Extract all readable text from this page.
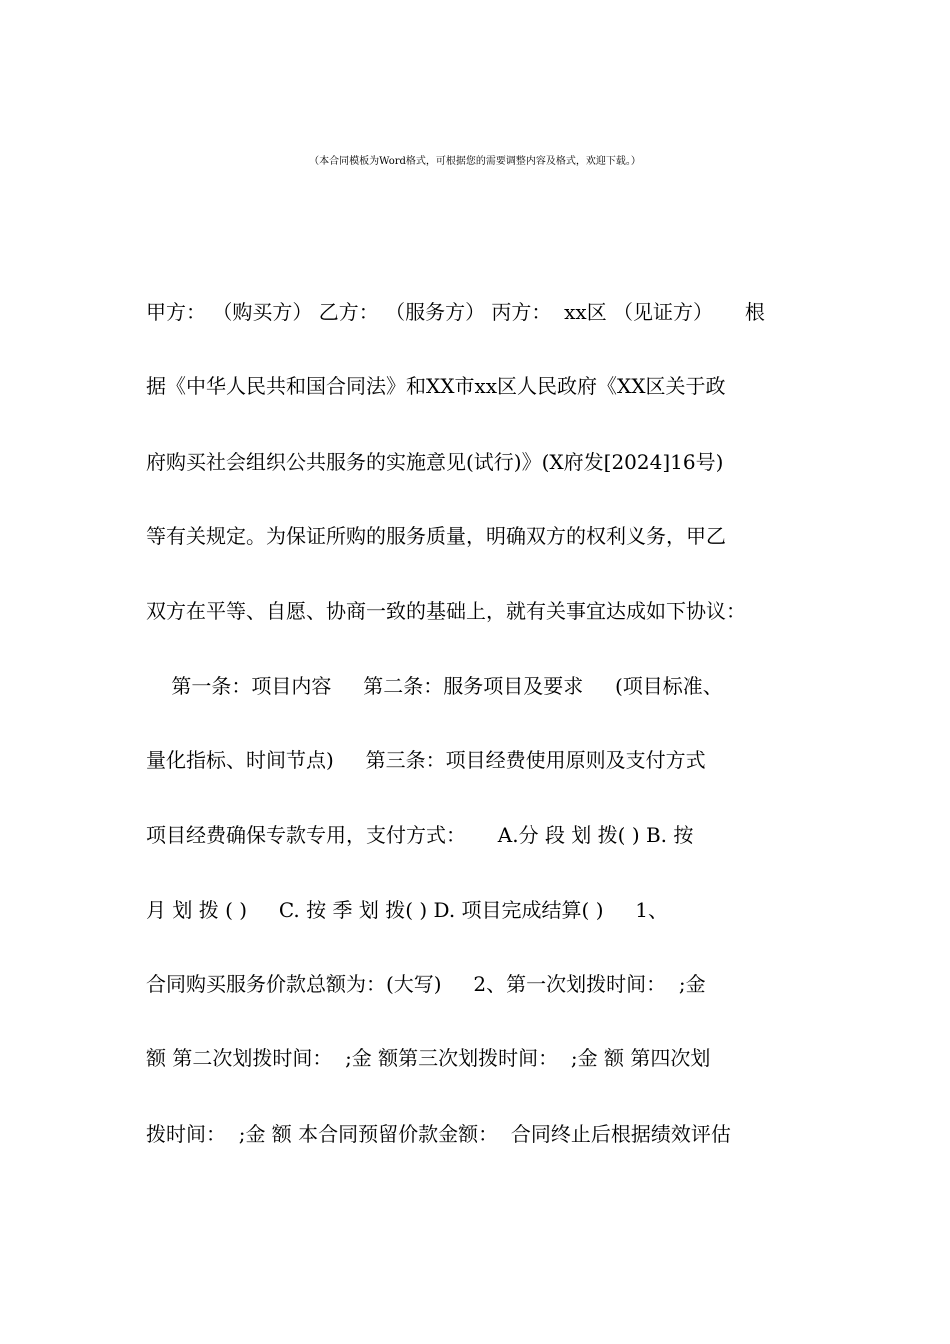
（本合同模板为Word格式，可根据您的需要调整内容及格式，欢迎下载。）
甲方： （购买方） 乙方： （服务方） 丙方：  xx区 （见证方）     根
据《中华人民共和国合同法》和XX市xx区人民政府《XX区关于政
府购买社会组织公共服务的实施意见(试行)》(X府发[2024]16号)
等有关规定。为保证所购的服务质量，明确双方的权利义务，甲乙
双方在平等、自愿、协商一致的基础上，就有关事宜达成如下协议：
第一条：项目内容     第二条：服务项目及要求     (项目标准、
量化指标、时间节点)     第三条：项目经费使用原则及支付方式
项目经费确保专款专用，支付方式：     A.分 段 划 拨( ) B. 按
月 划 拨 ( )     C. 按 季 划 拨( ) D. 项目完成结算( )     1、
合同购买服务价款总额为：(大写)     2、第一次划拨时间：  ;金
额 第二次划拨时间：  ;金 额第三次划拨时间：  ;金 额 第四次划
拨时间：  ;金 额 本合同预留价款金额：  合同终止后根据绩效评估
